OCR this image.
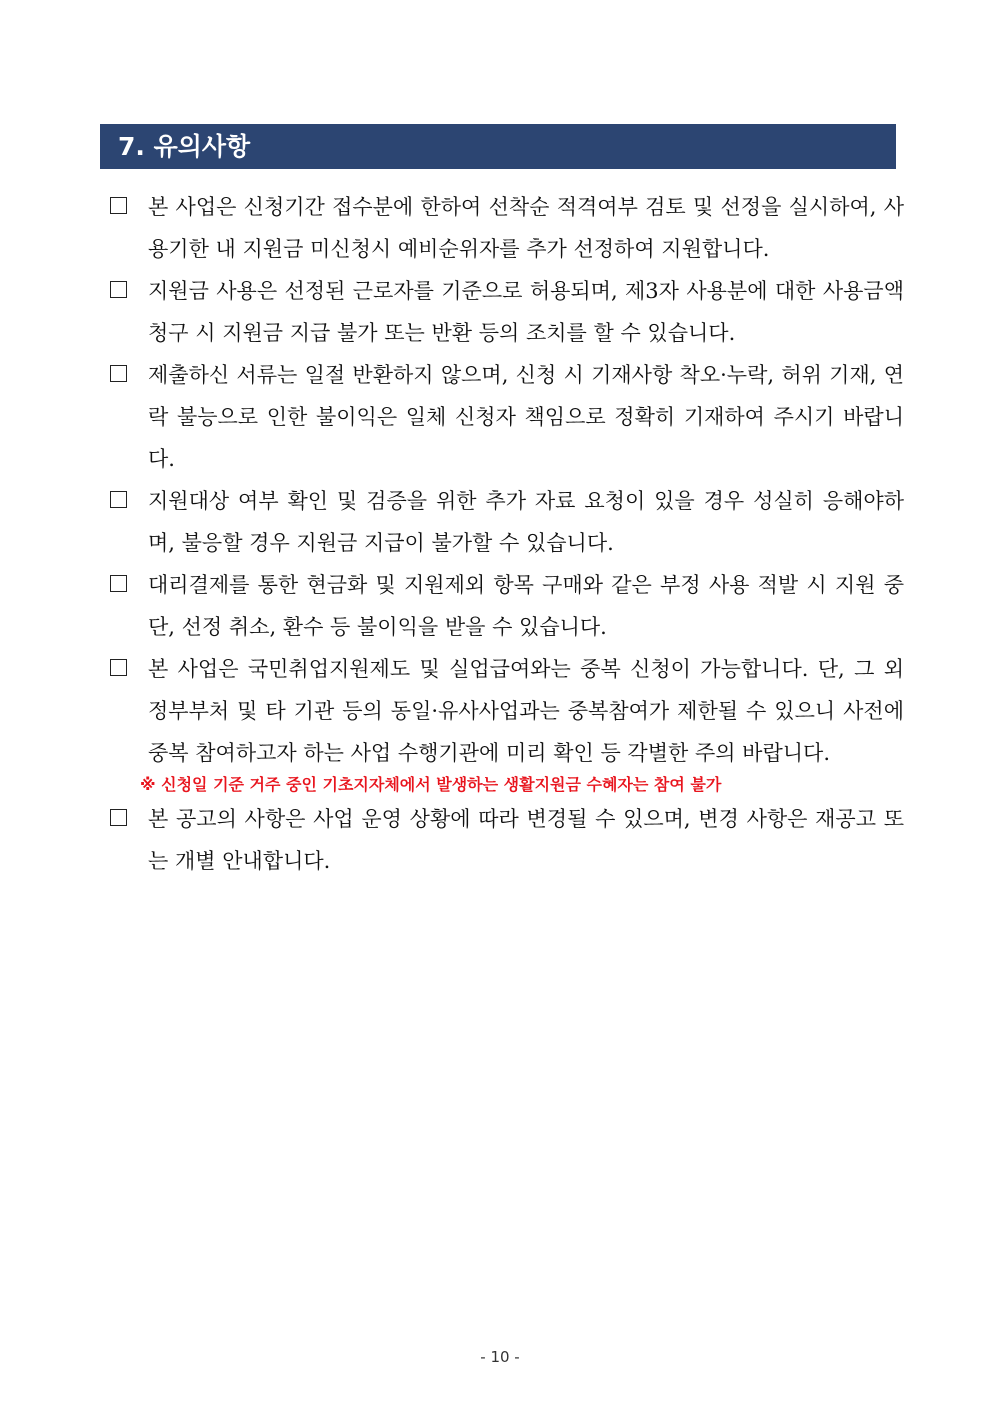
7. 유의사항
본 사업은 신청기간 접수분에 한하여 선착순 적격여부 검토 및 선정을 실시하여, 사용기한 내 지원금 미신청시 예비순위자를 추가 선정하여 지원합니다.
지원금 사용은 선정된 근로자를 기준으로 허용되며, 제3자 사용분에 대한 사용금액 청구 시 지원금 지급 불가 또는 반환 등의 조치를 할 수 있습니다.
제출하신 서류는 일절 반환하지 않으며, 신청 시 기재사항 착오·누락, 허위 기재, 연락 불능으로 인한 불이익은 일체 신청자 책임으로 정확히 기재하여 주시기 바랍니다.
지원대상 여부 확인 및 검증을 위한 추가 자료 요청이 있을 경우 성실히 응해야하며, 불응할 경우 지원금 지급이 불가할 수 있습니다.
대리결제를 통한 현금화 및 지원제외 항목 구매와 같은 부정 사용 적발 시 지원 중단, 선정 취소, 환수 등 불이익을 받을 수 있습니다.
본 사업은 국민취업지원제도 및 실업급여와는 중복 신청이 가능합니다. 단, 그 외 정부부처 및 타 기관 등의 동일·유사사업과는 중복참여가 제한될 수 있으니 사전에 중복 참여하고자 하는 사업 수행기관에 미리 확인 등 각별한 주의 바랍니다.
※ 신청일 기준 거주 중인 기초지자체에서 발생하는 생활지원금 수혜자는 참여 불가
본 공고의 사항은 사업 운영 상황에 따라 변경될 수 있으며, 변경 사항은 재공고 또는 개별 안내합니다.
- 10 -
